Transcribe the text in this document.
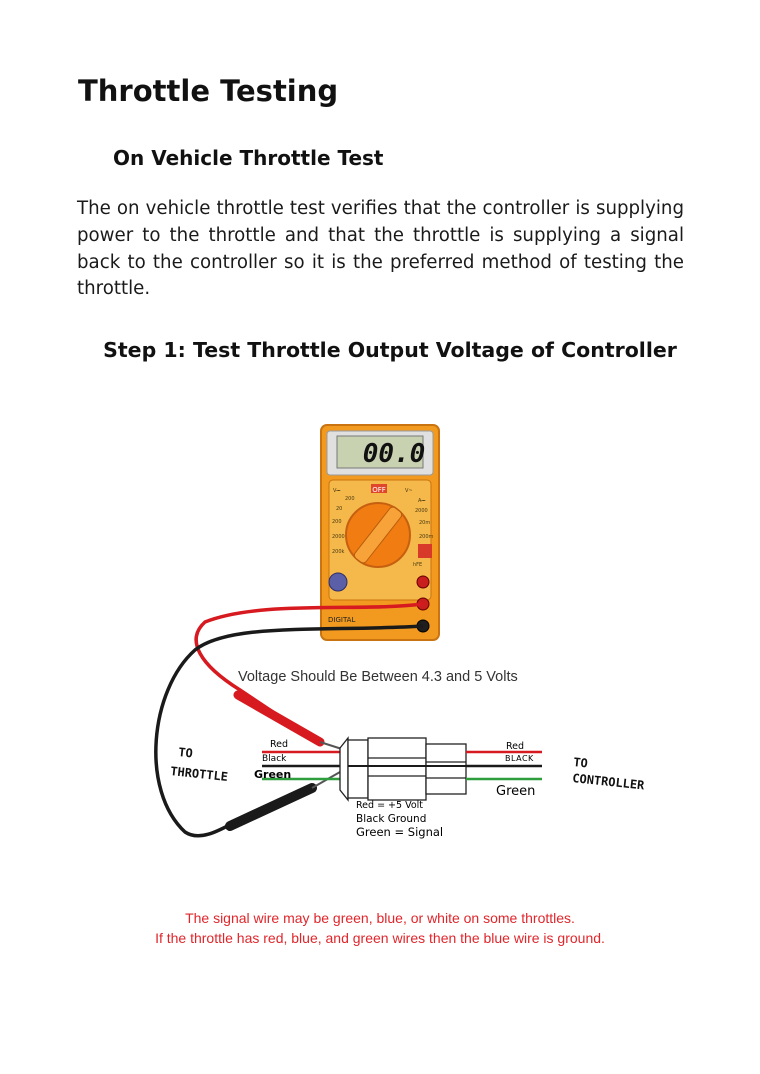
Throttle Testing
On Vehicle Throttle Test

The on vehicle throttle test verifies that the controller is supplying power to the throttle and that the throttle is supplying a signal back to the controller so it is the preferred method of testing the throttle.

Step 1: Test Throttle Output Voltage of Controller
00.0
OFF
V⎓
200
20
200
2000
200k
V~
A⎓
2000
20m
200m
hFE
DIGITAL
Voltage Should Be Between 4.3 and 5 Volts
Red
Black
Green
Red
BLACK
Green
TO
THROTTLE
TO
CONTROLLER
Red = +5 Volt
Black Ground
Green = Signal

The signal wire may be green, blue, or white on some throttles.

If the throttle has red, blue, and green wires then the blue wire is ground.
